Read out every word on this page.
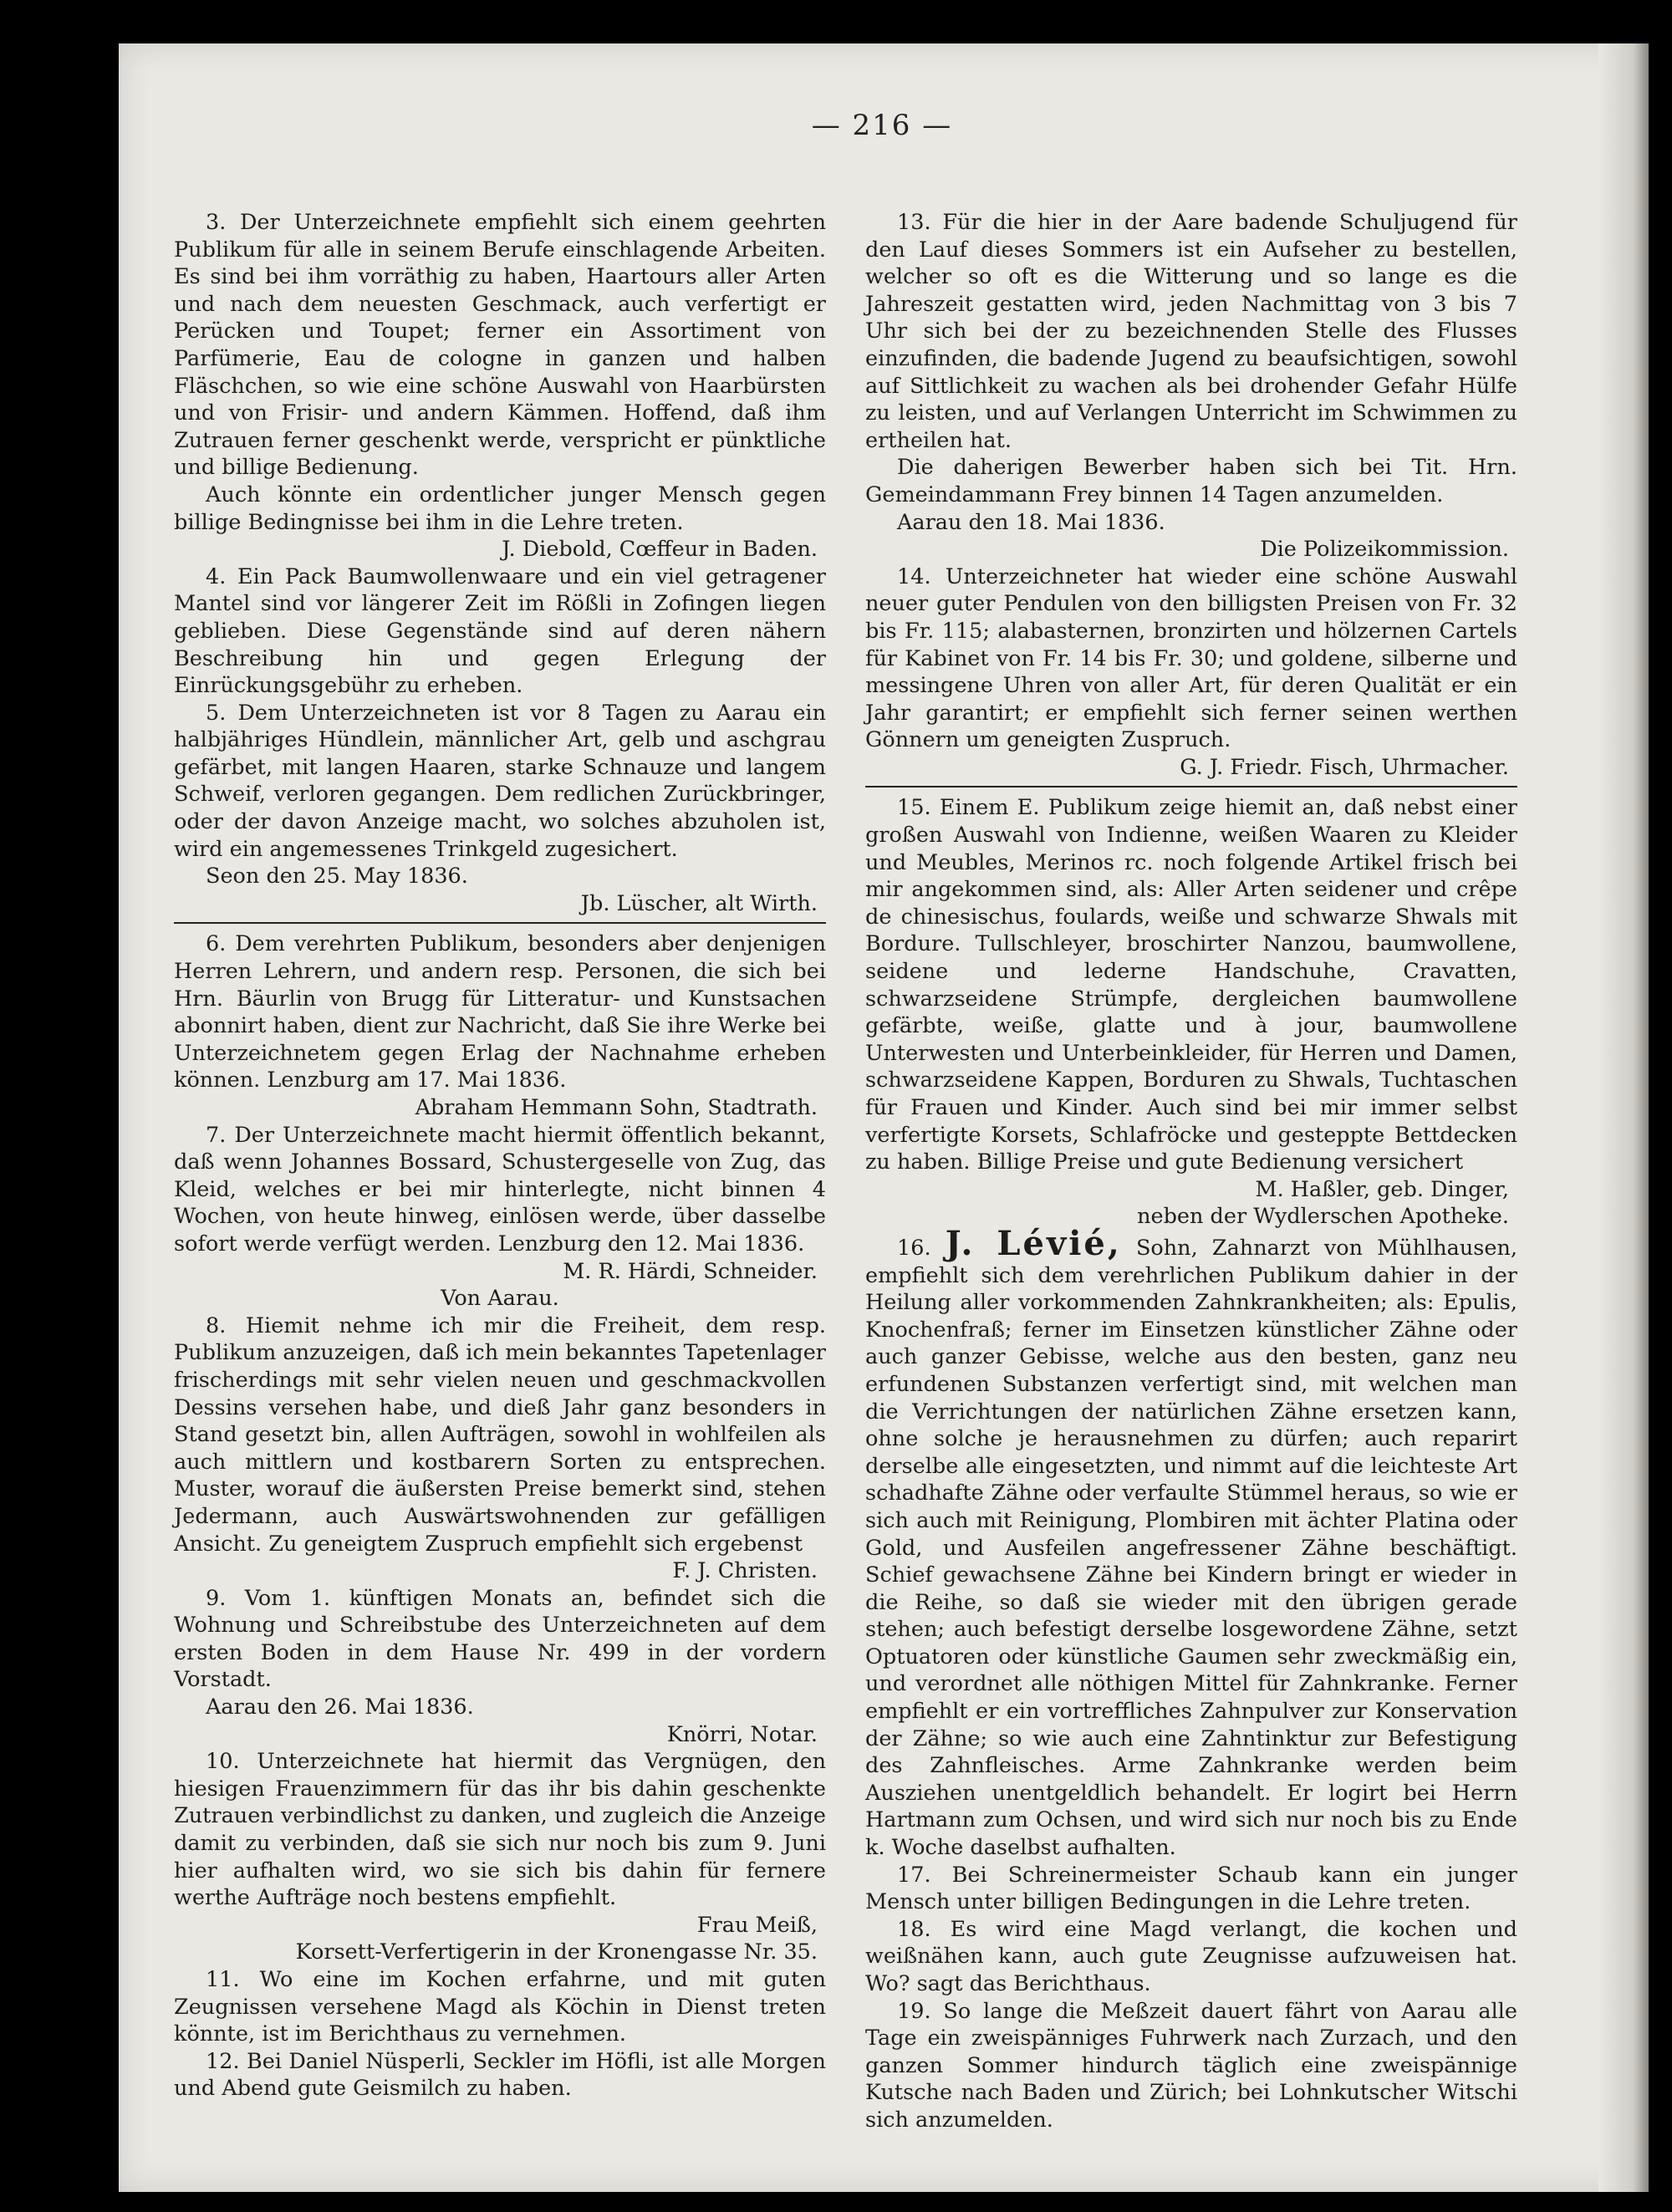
— 216 —

3. Der Unterzeichnete empfiehlt sich einem geehrten Publikum für alle in seinem Berufe einschlagende Arbeiten. Es sind bei ihm vorräthig zu haben, Haartours aller Arten und nach dem neuesten Geschmack, auch verfertigt er Perücken und Toupet; ferner ein Assortiment von Parfümerie, Eau de cologne in ganzen und halben Fläschchen, so wie eine schöne Auswahl von Haarbürsten und von Frisir- und andern Kämmen. Hoffend, daß ihm Zutrauen ferner geschenkt werde, verspricht er pünktliche und billige Bedienung.

Auch könnte ein ordentlicher junger Mensch gegen billige Bedingnisse bei ihm in die Lehre treten.

J. Diebold, Cœffeur in Baden.

4. Ein Pack Baumwollenwaare und ein viel getragener Mantel sind vor längerer Zeit im Rößli in Zofingen liegen geblieben. Diese Gegenstände sind auf deren nähern Beschreibung hin und gegen Erlegung der Einrückungsgebühr zu erheben.

5. Dem Unterzeichneten ist vor 8 Tagen zu Aarau ein halbjähriges Hündlein, männlicher Art, gelb und aschgrau gefärbet, mit langen Haaren, starke Schnauze und langem Schweif, verloren gegangen. Dem redlichen Zurückbringer, oder der davon Anzeige macht, wo solches abzuholen ist, wird ein angemessenes Trinkgeld zugesichert.

Seon den 25. May 1836.

Jb. Lüscher, alt Wirth.

6. Dem verehrten Publikum, besonders aber denjenigen Herren Lehrern, und andern resp. Personen, die sich bei Hrn. Bäurlin von Brugg für Litteratur- und Kunstsachen abonnirt haben, dient zur Nachricht, daß Sie ihre Werke bei Unterzeichnetem gegen Erlag der Nachnahme erheben können. Lenzburg am 17. Mai 1836.

Abraham Hemmann Sohn, Stadtrath.

7. Der Unterzeichnete macht hiermit öffentlich bekannt, daß wenn Johannes Bossard, Schustergeselle von Zug, das Kleid, welches er bei mir hinterlegte, nicht binnen 4 Wochen, von heute hinweg, einlösen werde, über dasselbe sofort werde verfügt werden. Lenzburg den 12. Mai 1836.

M. R. Härdi, Schneider.

Von Aarau.

8. Hiemit nehme ich mir die Freiheit, dem resp. Publikum anzuzeigen, daß ich mein bekanntes Tapetenlager frischerdings mit sehr vielen neuen und geschmackvollen Dessins versehen habe, und dieß Jahr ganz besonders in Stand gesetzt bin, allen Aufträgen, sowohl in wohlfeilen als auch mittlern und kostbarern Sorten zu entsprechen. Muster, worauf die äußersten Preise bemerkt sind, stehen Jedermann, auch Auswärtswohnenden zur gefälligen Ansicht. Zu geneigtem Zuspruch empfiehlt sich ergebenst

F. J. Christen.

9. Vom 1. künftigen Monats an, befindet sich die Wohnung und Schreibstube des Unterzeichneten auf dem ersten Boden in dem Hause Nr. 499 in der vordern Vorstadt.

Aarau den 26. Mai 1836.

Knörri, Notar.

10. Unterzeichnete hat hiermit das Vergnügen, den hiesigen Frauenzimmern für das ihr bis dahin geschenkte Zutrauen verbindlichst zu danken, und zugleich die Anzeige damit zu verbinden, daß sie sich nur noch bis zum 9. Juni hier aufhalten wird, wo sie sich bis dahin für fernere werthe Aufträge noch bestens empfiehlt.

Frau Meiß,

Korsett-Verfertigerin in der Kronengasse Nr. 35.

11. Wo eine im Kochen erfahrne, und mit guten Zeugnissen versehene Magd als Köchin in Dienst treten könnte, ist im Berichthaus zu vernehmen.

12. Bei Daniel Nüsperli, Seckler im Höfli, ist alle Morgen und Abend gute Geismilch zu haben.

13. Für die hier in der Aare badende Schuljugend für den Lauf dieses Sommers ist ein Aufseher zu bestellen, welcher so oft es die Witterung und so lange es die Jahreszeit gestatten wird, jeden Nachmittag von 3 bis 7 Uhr sich bei der zu bezeichnenden Stelle des Flusses einzufinden, die badende Jugend zu beaufsichtigen, sowohl auf Sittlichkeit zu wachen als bei drohender Gefahr Hülfe zu leisten, und auf Verlangen Unterricht im Schwimmen zu ertheilen hat.

Die daherigen Bewerber haben sich bei Tit. Hrn. Gemeindammann Frey binnen 14 Tagen anzumelden.

Aarau den 18. Mai 1836.

Die Polizeikommission.

14. Unterzeichneter hat wieder eine schöne Auswahl neuer guter Pendulen von den billigsten Preisen von Fr. 32 bis Fr. 115; alabasternen, bronzirten und hölzernen Cartels für Kabinet von Fr. 14 bis Fr. 30; und goldene, silberne und messingene Uhren von aller Art, für deren Qualität er ein Jahr garantirt; er empfiehlt sich ferner seinen werthen Gönnern um geneigten Zuspruch.

G. J. Friedr. Fisch, Uhrmacher.

15. Einem E. Publikum zeige hiemit an, daß nebst einer großen Auswahl von Indienne, weißen Waaren zu Kleider und Meubles, Merinos rc. noch folgende Artikel frisch bei mir angekommen sind, als: Aller Arten seidener und crêpe de chinesischus, foulards, weiße und schwarze Shwals mit Bordure. Tullschleyer, broschirter Nanzou, baumwollene, seidene und lederne Handschuhe, Cravatten, schwarzseidene Strümpfe, dergleichen baumwollene gefärbte, weiße, glatte und à jour, baumwollene Unterwesten und Unterbeinkleider, für Herren und Damen, schwarzseidene Kappen, Borduren zu Shwals, Tuchtaschen für Frauen und Kinder. Auch sind bei mir immer selbst verfertigte Korsets, Schlafröcke und gesteppte Bettdecken zu haben. Billige Preise und gute Bedienung versichert

M. Haßler, geb. Dinger,

neben der Wydlerschen Apotheke.

16. J. Lévié, Sohn, Zahnarzt von Mühlhausen, empfiehlt sich dem verehrlichen Publikum dahier in der Heilung aller vorkommenden Zahnkrankheiten; als: Epulis, Knochenfraß; ferner im Einsetzen künstlicher Zähne oder auch ganzer Gebisse, welche aus den besten, ganz neu erfundenen Substanzen verfertigt sind, mit welchen man die Verrichtungen der natürlichen Zähne ersetzen kann, ohne solche je herausnehmen zu dürfen; auch reparirt derselbe alle eingesetzten, und nimmt auf die leichteste Art schadhafte Zähne oder verfaulte Stümmel heraus, so wie er sich auch mit Reinigung, Plombiren mit ächter Platina oder Gold, und Ausfeilen angefressener Zähne beschäftigt. Schief gewachsene Zähne bei Kindern bringt er wieder in die Reihe, so daß sie wieder mit den übrigen gerade stehen; auch befestigt derselbe losgewordene Zähne, setzt Optuatoren oder künstliche Gaumen sehr zweckmäßig ein, und verordnet alle nöthigen Mittel für Zahnkranke. Ferner empfiehlt er ein vortreffliches Zahnpulver zur Konservation der Zähne; so wie auch eine Zahntinktur zur Befestigung des Zahnfleisches. Arme Zahnkranke werden beim Ausziehen unentgeldlich behandelt. Er logirt bei Herrn Hartmann zum Ochsen, und wird sich nur noch bis zu Ende k. Woche daselbst aufhalten.

17. Bei Schreinermeister Schaub kann ein junger Mensch unter billigen Bedingungen in die Lehre treten.

18. Es wird eine Magd verlangt, die kochen und weißnähen kann, auch gute Zeugnisse aufzuweisen hat. Wo? sagt das Berichthaus.

19. So lange die Meßzeit dauert fährt von Aarau alle Tage ein zweispänniges Fuhrwerk nach Zurzach, und den ganzen Sommer hindurch täglich eine zweispännige Kutsche nach Baden und Zürich; bei Lohnkutscher Witschi sich anzumelden.
